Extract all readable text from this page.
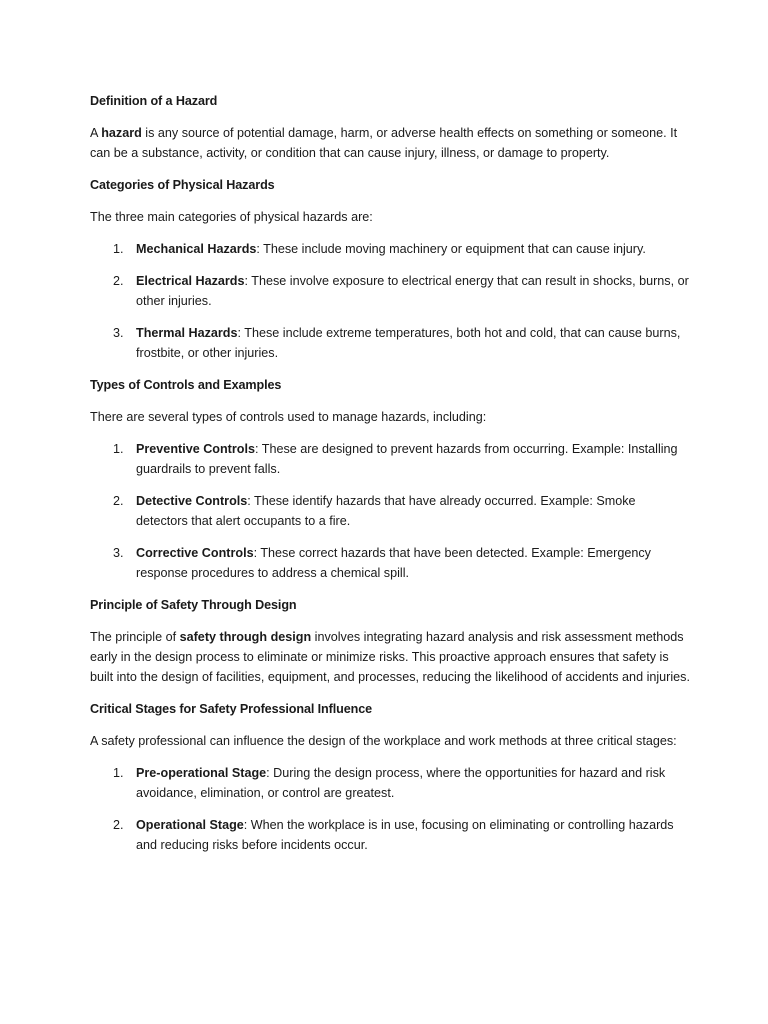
Definition of a Hazard

A hazard is any source of potential damage, harm, or adverse health effects on something or someone. It can be a substance, activity, or condition that can cause injury, illness, or damage to property.

Categories of Physical Hazards

The three main categories of physical hazards are:

1. Mechanical Hazards: These include moving machinery or equipment that can cause injury.
2. Electrical Hazards: These involve exposure to electrical energy that can result in shocks, burns, or other injuries.
3. Thermal Hazards: These include extreme temperatures, both hot and cold, that can cause burns, frostbite, or other injuries.
Types of Controls and Examples

There are several types of controls used to manage hazards, including:

1. Preventive Controls: These are designed to prevent hazards from occurring. Example: Installing guardrails to prevent falls.
2. Detective Controls: These identify hazards that have already occurred. Example: Smoke detectors that alert occupants to a fire.
3. Corrective Controls: These correct hazards that have been detected. Example: Emergency response procedures to address a chemical spill.
Principle of Safety Through Design

The principle of safety through design involves integrating hazard analysis and risk assessment methods early in the design process to eliminate or minimize risks. This proactive approach ensures that safety is built into the design of facilities, equipment, and processes, reducing the likelihood of accidents and injuries.

Critical Stages for Safety Professional Influence

A safety professional can influence the design of the workplace and work methods at three critical stages:

1. Pre-operational Stage: During the design process, where the opportunities for hazard and risk avoidance, elimination, or control are greatest.
2. Operational Stage: When the workplace is in use, focusing on eliminating or controlling hazards and reducing risks before incidents occur.
